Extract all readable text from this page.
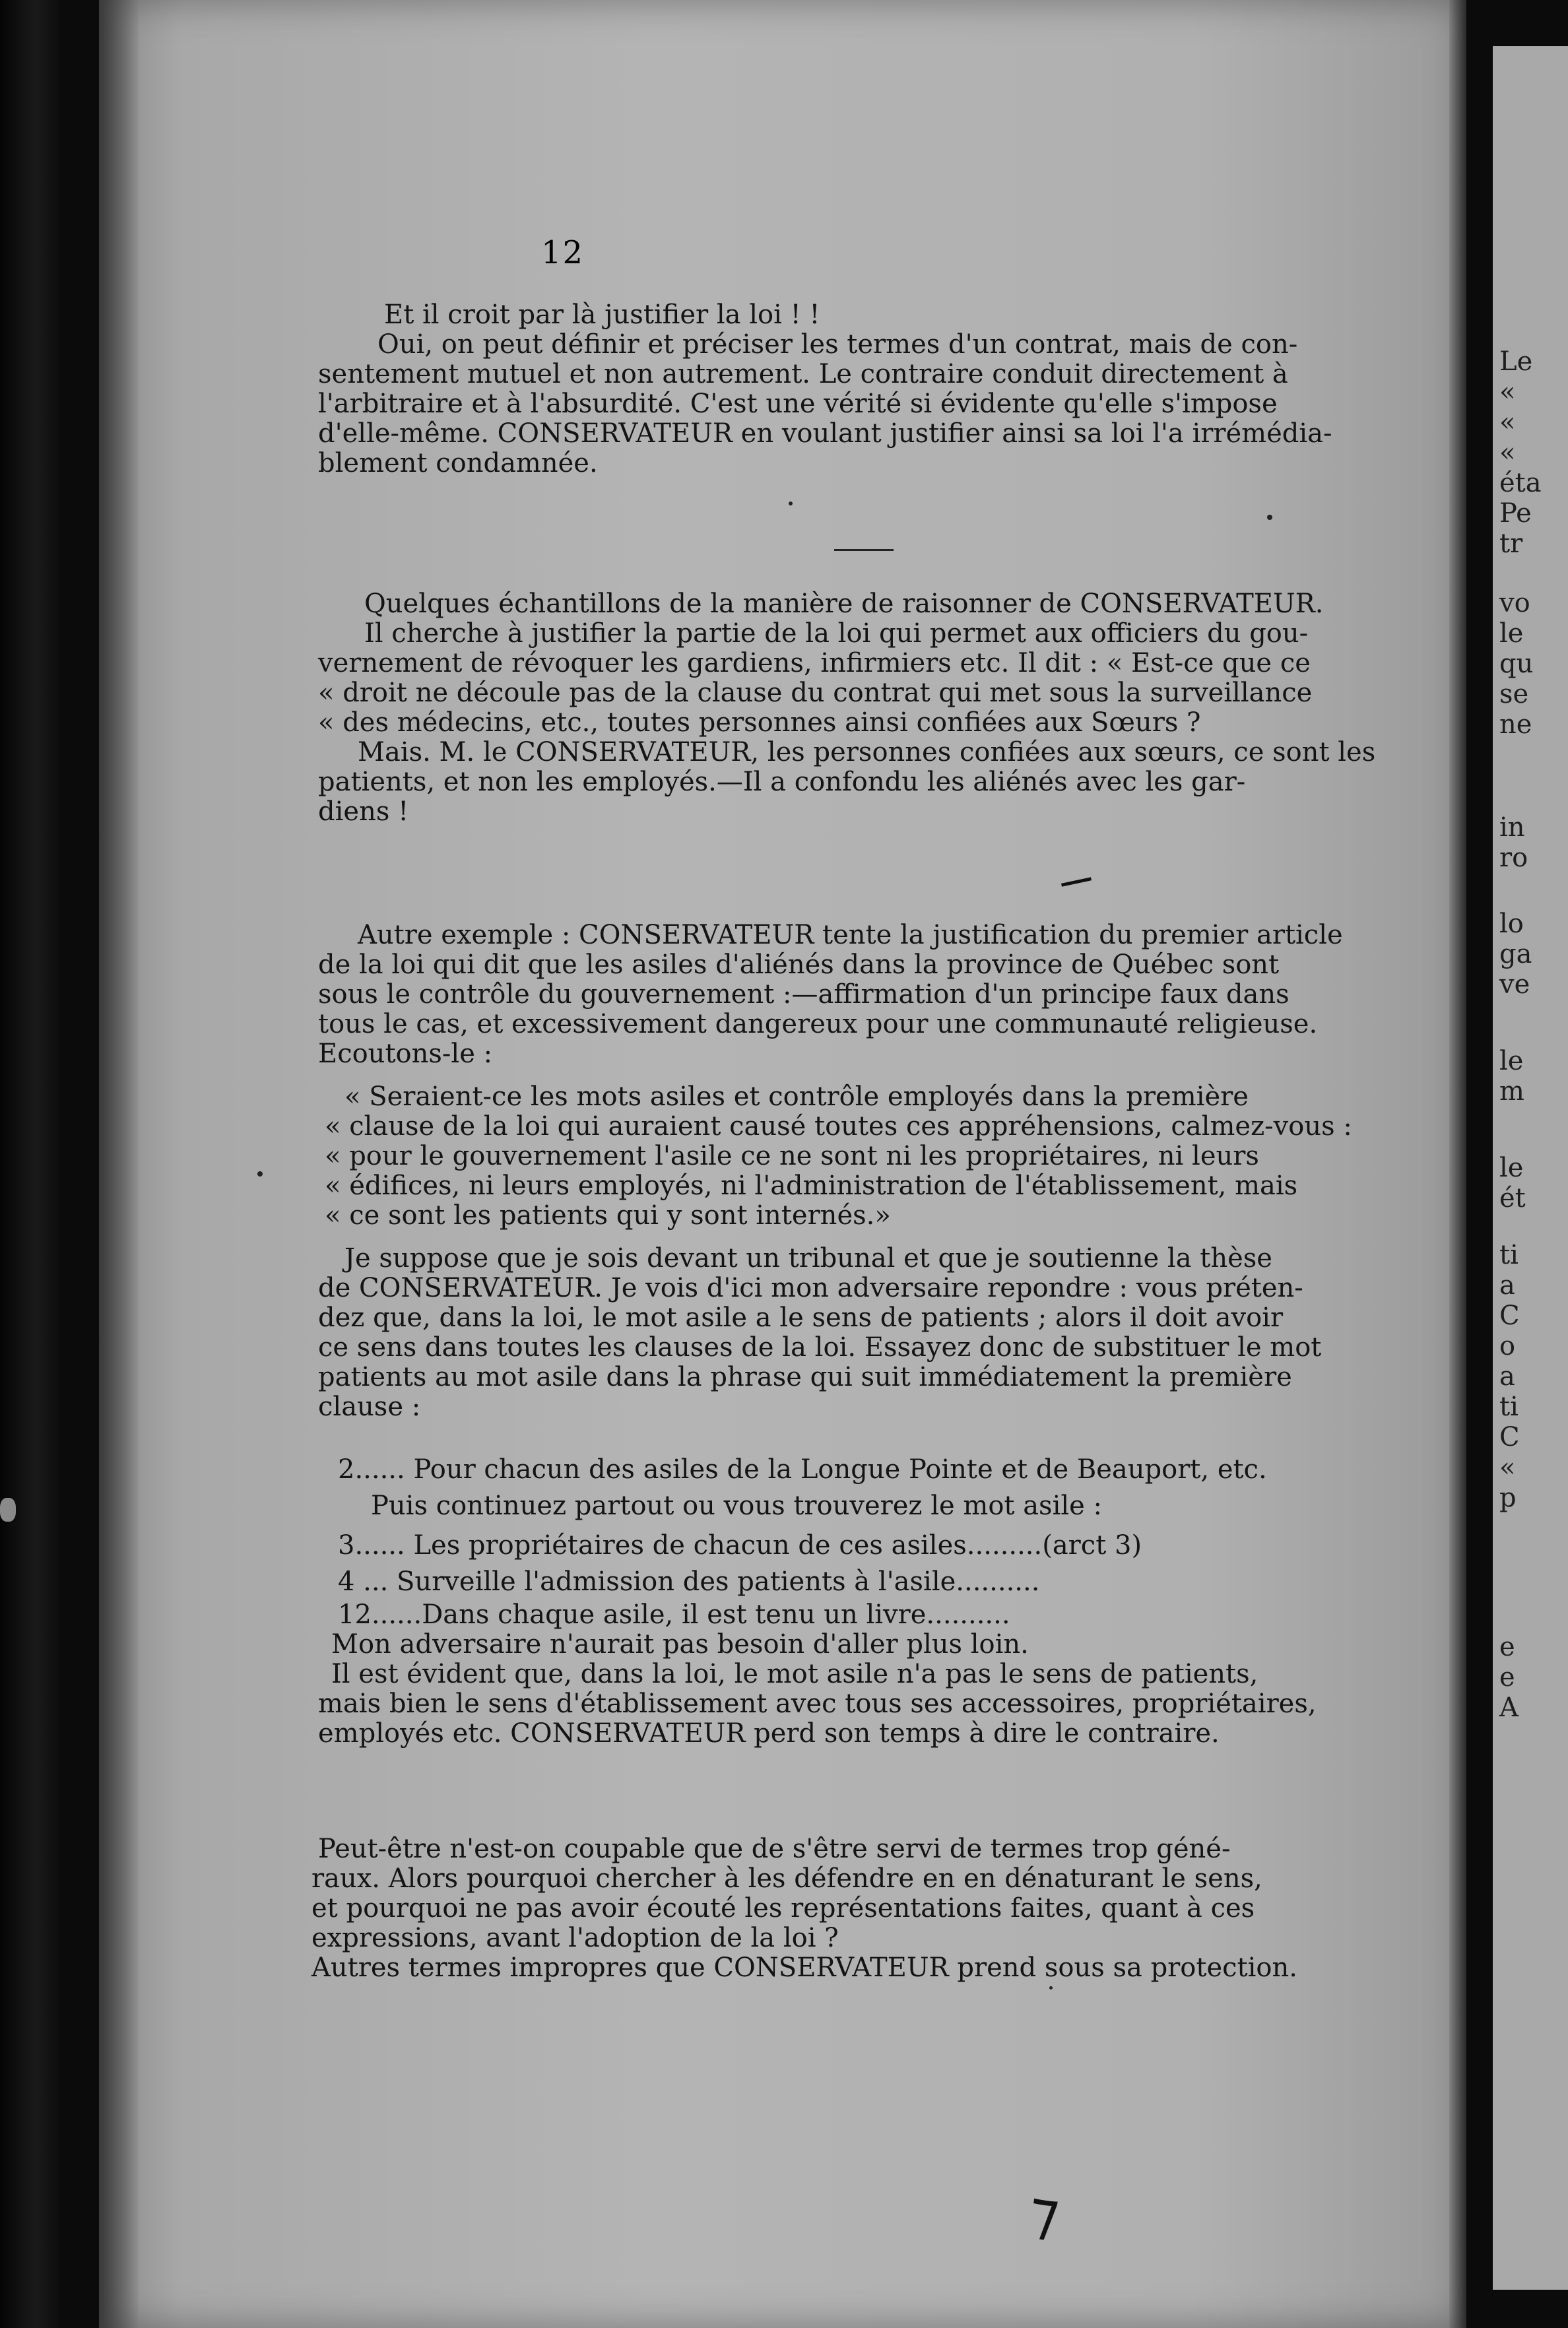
Le
«
«
«
éta
Pe
tr
vo
le
qu
se
ne
in
ro
lo
ga
ve
le
m
le
ét
ti
a
C
o
a
ti
C
«
p
e
e
A
12
Et il croit par là justifier la loi ! !
Oui, on peut définir et préciser les termes d'un contrat, mais de con-
sentement mutuel et non autrement. Le contraire conduit directement à
l'arbitraire et à l'absurdité. C'est une vérité si évidente qu'elle s'impose
d'elle-même. CONSERVATEUR en voulant justifier ainsi sa loi l'a irrémédia-
blement condamnée.
Quelques échantillons de la manière de raisonner de CONSERVATEUR.
Il cherche à justifier la partie de la loi qui permet aux officiers du gou-
vernement de révoquer les gardiens, infirmiers etc. Il dit : « Est-ce que ce
« droit ne découle pas de la clause du contrat qui met sous la surveillance
« des médecins, etc., toutes personnes ainsi confiées aux Sœurs ?
Mais. M. le CONSERVATEUR, les personnes confiées aux sœurs, ce sont les
patients, et non les employés.—Il a confondu les aliénés avec les gar-
diens !
Autre exemple : CONSERVATEUR tente la justification du premier article
de la loi qui dit que les asiles d'aliénés dans la province de Québec sont
sous le contrôle du gouvernement :—affirmation d'un principe faux dans
tous le cas, et excessivement dangereux pour une communauté religieuse.
Ecoutons-le :
« Seraient-ce les mots asiles et contrôle employés dans la première
« clause de la loi qui auraient causé toutes ces appréhensions, calmez-vous :
« pour le gouvernement l'asile ce ne sont ni les propriétaires, ni leurs
« édifices, ni leurs employés, ni l'administration de l'établissement, mais
« ce sont les patients qui y sont internés.»
Je suppose que je sois devant un tribunal et que je soutienne la thèse
de CONSERVATEUR. Je vois d'ici mon adversaire repondre : vous préten-
dez que, dans la loi, le mot asile a le sens de patients ; alors il doit avoir
ce sens dans toutes les clauses de la loi. Essayez donc de substituer le mot
patients au mot asile dans la phrase qui suit immédiatement la première
clause :
2...... Pour chacun des asiles de la Longue Pointe et de Beauport, etc.
Puis continuez partout ou vous trouverez le mot asile :
3...... Les propriétaires de chacun de ces asiles.........(arct 3)
4 ... Surveille l'admission des patients à l'asile..........
12......Dans chaque asile, il est tenu un livre..........
Mon adversaire n'aurait pas besoin d'aller plus loin.
Il est évident que, dans la loi, le mot asile n'a pas le sens de patients,
mais bien le sens d'établissement avec tous ses accessoires, propriétaires,
employés etc. CONSERVATEUR perd son temps à dire le contraire.
Peut-être n'est-on coupable que de s'être servi de termes trop géné-
raux. Alors pourquoi chercher à les défendre en en dénaturant le sens,
et pourquoi ne pas avoir écouté les représentations faites, quant à ces
expressions, avant l'adoption de la loi ?
Autres termes impropres que CONSERVATEUR prend sous sa protection.
⁊
